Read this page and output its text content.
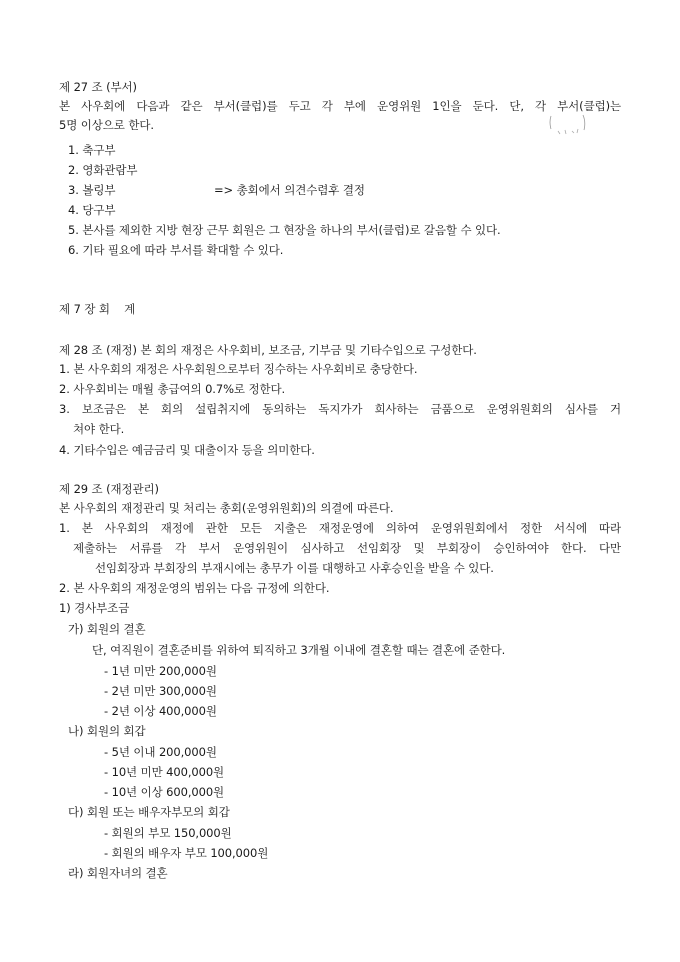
제 27 조 (부서)
본 사우회에 다음과 같은 부서(클럽)를 두고 각 부에 운영위원 1인을 둔다. 단, 각 부서(클럽)는
5명 이상으로 한다.
1. 축구부
2. 영화관람부
3. 볼링부	=> 총회에서 의견수렴후 결정
4. 당구부
5. 본사를 제외한 지방 현장 근무 회원은 그 현장을 하나의 부서(클럽)로 갈음할 수 있다.
6. 기타 필요에 따라 부서를 확대할 수 있다.
제 7 장 회    계
제 28 조 (재정) 본 회의 재정은 사우회비, 보조금, 기부금 및 기타수입으로 구성한다.
1. 본 사우회의 재정은 사우회원으로부터 징수하는 사우회비로 충당한다.
2. 사우회비는 매월 총급여의 0.7%로 정한다.
3. 보조금은 본 회의 설립취지에 동의하는 독지가가 희사하는 금품으로 운영위원회의 심사를 거
쳐야 한다.
4. 기타수입은 예금금리 및 대출이자 등을 의미한다.
제 29 조 (재정관리)
본 사우회의 재정관리 및 처리는 총회(운영위원회)의 의결에 따른다.
1. 본 사우회의 재정에 관한 모든 지출은 재정운영에 의하여 운영위원회에서 정한 서식에 따라
제출하는 서류를 각 부서 운영위원이 심사하고 선임회장 및 부회장이 승인하여야 한다. 다만
선임회장과 부회장의 부재시에는 총무가 이를 대행하고 사후승인을 받을 수 있다.
2. 본 사우회의 재정운영의 범위는 다음 규정에 의한다.
1) 경사부조금
가) 회원의 결혼
단, 여직원이 결혼준비를 위하여 퇴직하고 3개월 이내에 결혼할 때는 결혼에 준한다.
- 1년 미만 200,000원
- 2년 미만 300,000원
- 2년 이상 400,000원
나) 회원의 회갑
- 5년 이내 200,000원
- 10년 미만 400,000원
- 10년 이상 600,000원
다) 회원 또는 배우자부모의 회갑
- 회원의 부모 150,000원
- 회원의 배우자 부모 100,000원
라) 회원자녀의 결혼
